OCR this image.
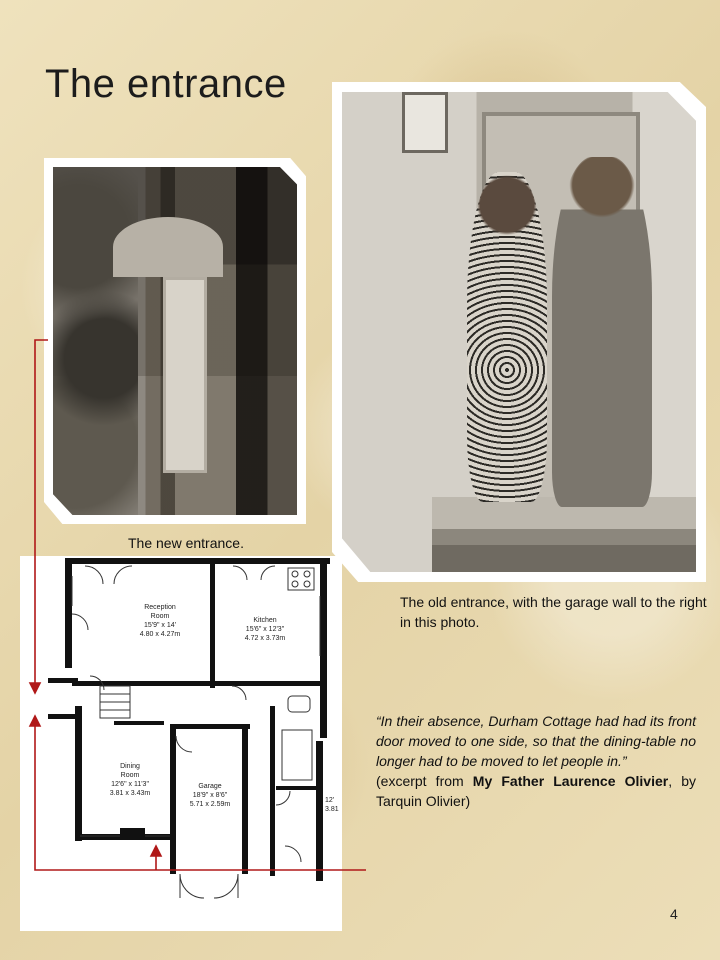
The entrance

The new entrance.

The old entrance, with the garage wall to the right in this photo.

Reception
Room
15'9" x 14'
4.80 x 4.27m
Kitchen
15'6" x 12'3"
4.72 x 3.73m
Dining
Room
12'6" x 11'3"
3.81 x 3.43m
Garage
18'9" x 8'6"
5.71 x 2.59m
12'
3.81

“In their absence, Durham Cottage had had its front door moved to one side, so that the dining-table no longer had to be moved to let people in.”
(excerpt from My Father Laurence Olivier, by Tarquin Olivier)

4
